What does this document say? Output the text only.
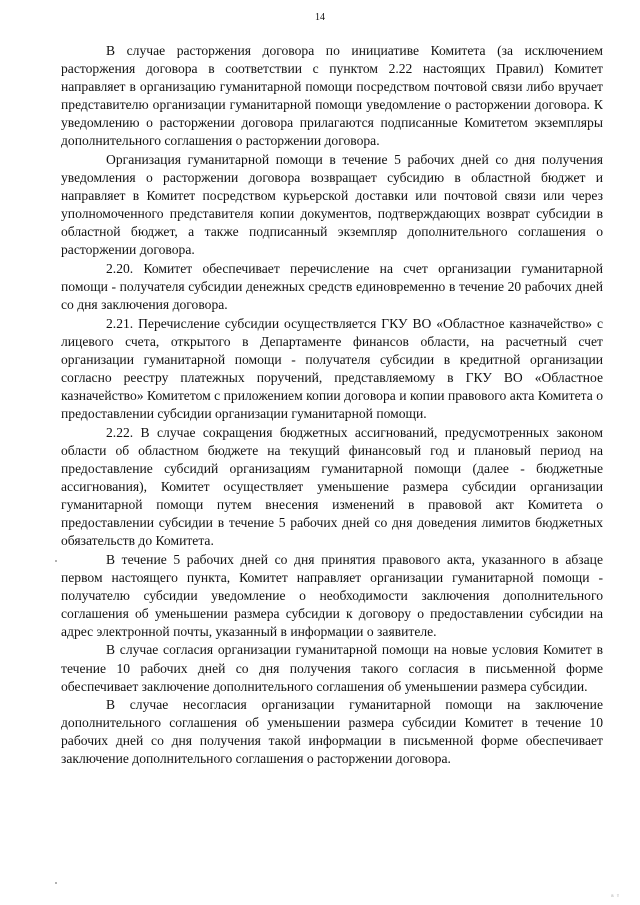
14

В случае расторжения договора по инициативе Комитета (за исключением расторжения договора в соответствии с пунктом 2.22 настоящих Правил) Комитет направляет в организацию гуманитарной помощи посредством почтовой связи либо вручает представителю организации гуманитарной помощи уведомление о расторжении договора. К уведомлению о расторжении договора прилагаются подписанные Комитетом экземпляры дополнительного соглашения о расторжении договора.

Организация гуманитарной помощи в течение 5 рабочих дней со дня получения уведомления о расторжении договора возвращает субсидию в областной бюджет и направляет в Комитет посредством курьерской доставки или почтовой связи или через уполномоченного представителя копии документов, подтверждающих возврат субсидии в областной бюджет, а также подписанный экземпляр дополнительного соглашения о расторжении договора.

2.20. Комитет обеспечивает перечисление на счет организации гуманитарной помощи - получателя субсидии денежных средств единовременно в течение 20 рабочих дней со дня заключения договора.

2.21. Перечисление субсидии осуществляется ГКУ ВО «Областное казначейство» с лицевого счета, открытого в Департаменте финансов области, на расчетный счет организации гуманитарной помощи - получателя субсидии в кредитной организации согласно реестру платежных поручений, представляемому в ГКУ ВО «Областное казначейство» Комитетом с приложением копии договора и копии правового акта Комитета о предоставлении субсидии организации гуманитарной помощи.

2.22. В случае сокращения бюджетных ассигнований, предусмотренных законом области об областном бюджете на текущий финансовый год и плановый период на предоставление субсидий организациям гуманитарной помощи (далее - бюджетные ассигнования), Комитет осуществляет уменьшение размера субсидии организации гуманитарной помощи путем внесения изменений в правовой акт Комитета о предоставлении субсидии в течение 5 рабочих дней со дня доведения лимитов бюджетных обязательств до Комитета.

В течение 5 рабочих дней со дня принятия правового акта, указанного в абзаце первом настоящего пункта, Комитет направляет организации гуманитарной помощи - получателю субсидии уведомление о необходимости заключения дополнительного соглашения об уменьшении размера субсидии к договору о предоставлении субсидии на адрес электронной почты, указанный в информации о заявителе.

В случае согласия организации гуманитарной помощи на новые условия Комитет в течение 10 рабочих дней со дня получения такого согласия в письменной форме обеспечивает заключение дополнительного соглашения об уменьшении размера субсидии.

В случае несогласия организации гуманитарной помощи на заключение дополнительного соглашения об уменьшении размера субсидии Комитет в течение 10 рабочих дней со дня получения такой информации в письменной форме обеспечивает заключение дополнительного соглашения о расторжении договора.

в т
